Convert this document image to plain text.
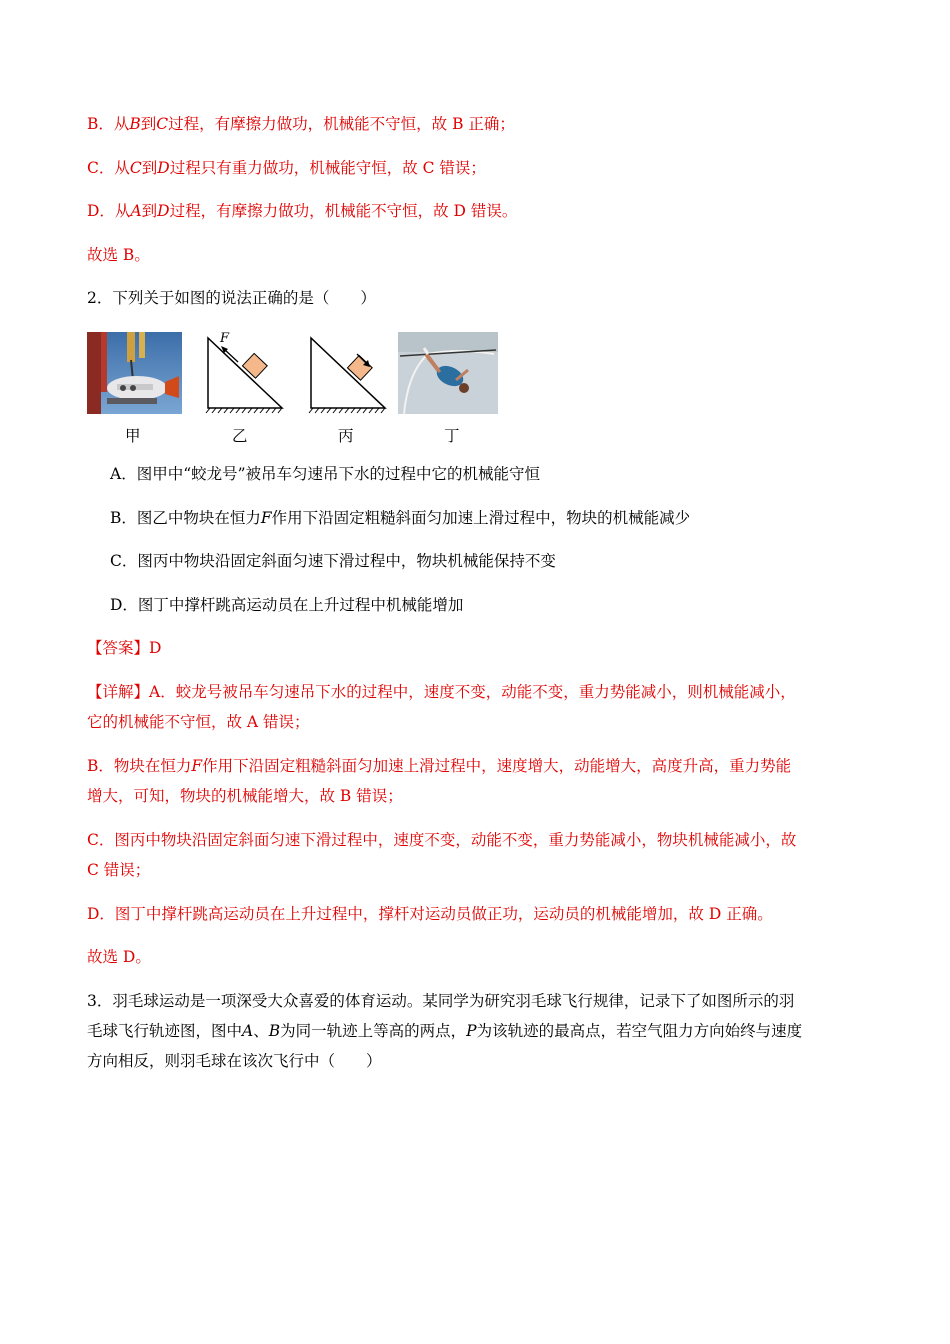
B．从B到C过程，有摩擦力做功，机械能不守恒，故 B 正确；
C．从C到D过程只有重力做功，机械能守恒，故 C 错误；
D．从A到D过程，有摩擦力做功，机械能不守恒，故 D 错误。
故选 B。
2．下列关于如图的说法正确的是（　　）
F
甲	乙	丙	丁
A．图甲中“蛟龙号”被吊车匀速吊下水的过程中它的机械能守恒
B．图乙中物块在恒力F作用下沿固定粗糙斜面匀加速上滑过程中，物块的机械能减少
C．图丙中物块沿固定斜面匀速下滑过程中，物块机械能保持不变
D．图丁中撑杆跳高运动员在上升过程中机械能增加
【答案】D
【详解】A．蛟龙号被吊车匀速吊下水的过程中，速度不变，动能不变，重力势能减小，则机械能减小，
它的机械能不守恒，故 A 错误；
B．物块在恒力F作用下沿固定粗糙斜面匀加速上滑过程中，速度增大，动能增大，高度升高，重力势能
增大，可知，物块的机械能增大，故 B 错误；
C．图丙中物块沿固定斜面匀速下滑过程中，速度不变，动能不变，重力势能减小，物块机械能减小，故
C 错误；
D．图丁中撑杆跳高运动员在上升过程中，撑杆对运动员做正功，运动员的机械能增加，故 D 正确。
故选 D。
3．羽毛球运动是一项深受大众喜爱的体育运动。某同学为研究羽毛球飞行规律，记录下了如图所示的羽
毛球飞行轨迹图，图中A、B为同一轨迹上等高的两点，P为该轨迹的最高点，若空气阻力方向始终与速度
方向相反，则羽毛球在该次飞行中（　　）
